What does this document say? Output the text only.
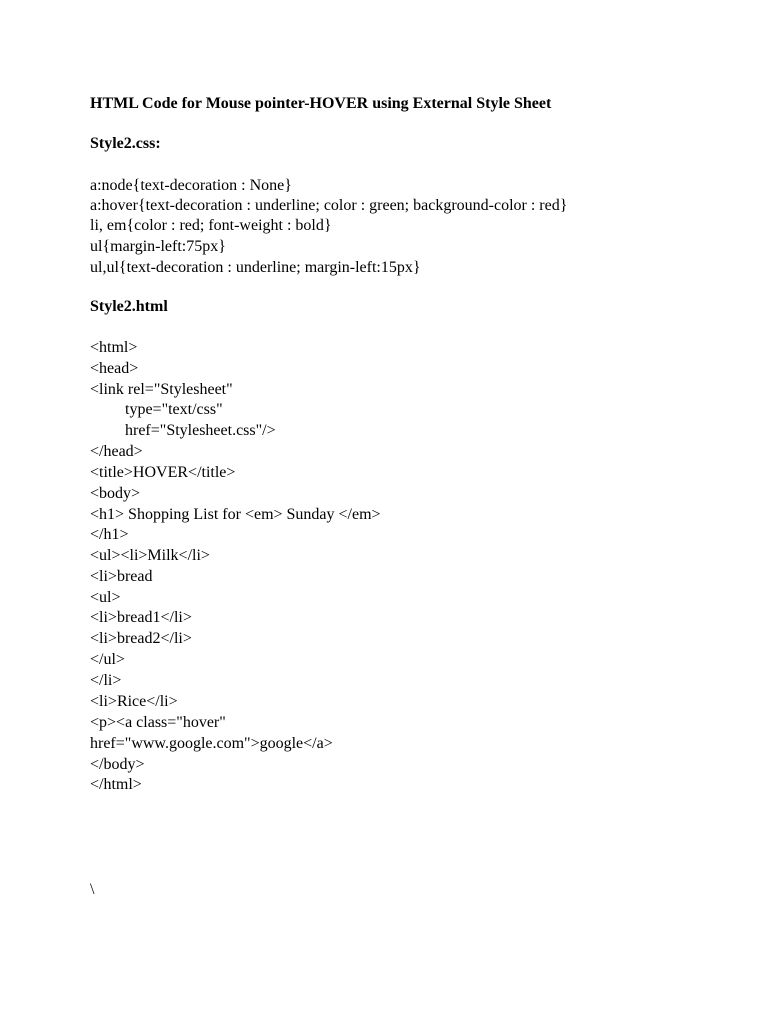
HTML Code for Mouse pointer-HOVER using External Style Sheet

Style2.css:

a:node{text-decoration : None}

a:hover{text-decoration : underline; color : green; background-color : red}

li, em{color : red; font-weight : bold}

ul{margin-left:75px}

ul,ul{text-decoration : underline; margin-left:15px}

Style2.html

<html>

<head>

<link rel="Stylesheet"

type="text/css"

href="Stylesheet.css"/>

</head>

<title>HOVER</title>

<body>

<h1> Shopping List for <em> Sunday </em>

</h1>

<ul><li>Milk</li>

<li>bread

<ul>

<li>bread1</li>

<li>bread2</li>

</ul>

</li>

<li>Rice</li>

<p><a class="hover"

href="www.google.com">google</a>

</body>

</html>

\
